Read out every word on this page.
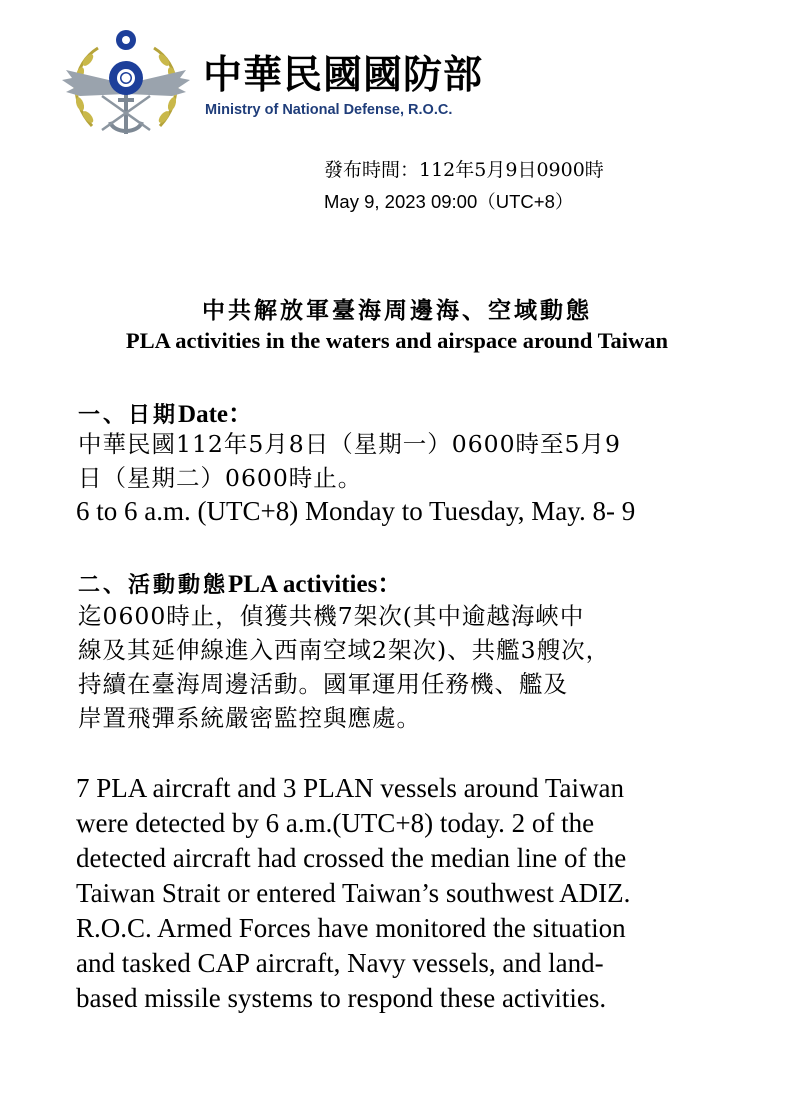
中華民國國防部
Ministry of National Defense, R.O.C.
發布時間：112年5月9日0900時
May 9, 2023 09:00（UTC+8）
中共解放軍臺海周邊海、空域動態
PLA activities in the waters and airspace around Taiwan
一、日期Date：
中華民國112年5月8日（星期一）0600時至5月9
日（星期二）0600時止。
6 to 6 a.m. (UTC+8) Monday to Tuesday, May. 8- 9
二、活動動態PLA activities：
迄0600時止，偵獲共機7架次(其中逾越海峽中
線及其延伸線進入西南空域2架次)、共艦3艘次，
持續在臺海周邊活動。國軍運用任務機、艦及
岸置飛彈系統嚴密監控與應處。
7 PLA aircraft and 3 PLAN vessels around Taiwan
were detected by 6 a.m.(UTC+8) today. 2 of the
detected aircraft had crossed the median line of the
Taiwan Strait or entered Taiwan’s southwest ADIZ.
R.O.C. Armed Forces have monitored the situation
and tasked CAP aircraft, Navy vessels, and land-
based missile systems to respond these activities.
